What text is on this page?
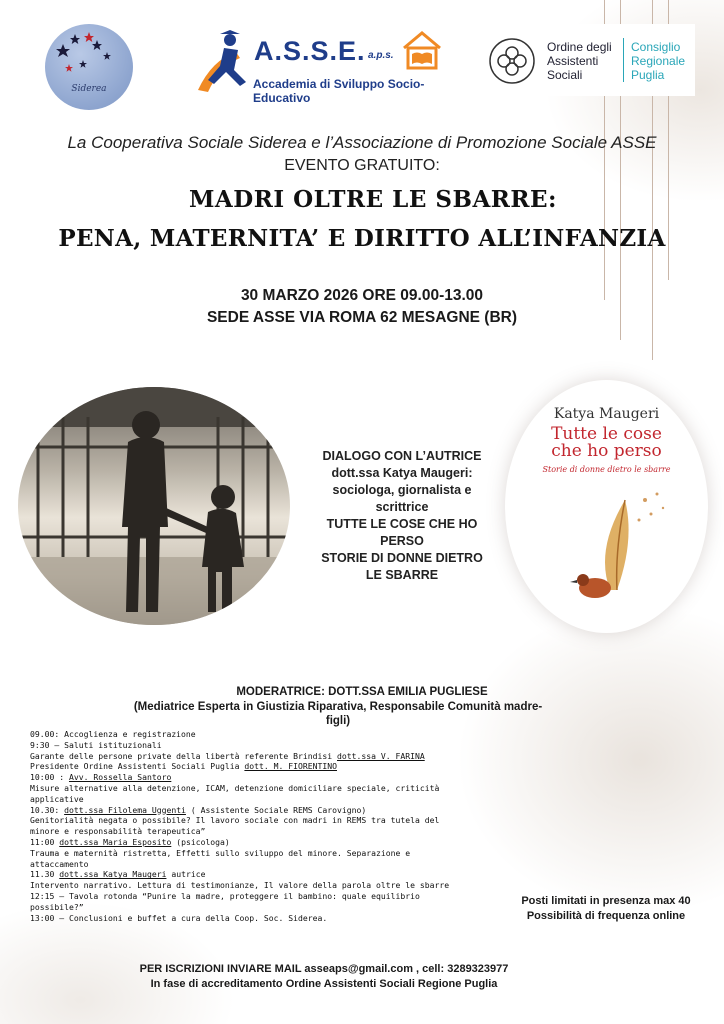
Siderea
A.S.S.E. a.p.s.
Accademia di Sviluppo Socio-Educativo
Ordine degli
Assistenti
Sociali
Consiglio
Regionale
Puglia
La Cooperativa Sociale Siderea e l’Associazione di Promozione Sociale ASSE
EVENTO GRATUITO:
MADRI OLTRE LE SBARRE:
PENA, MATERNITA’ E DIRITTO ALL’INFANZIA
30 MARZO 2026 ORE 09.00-13.00
SEDE ASSE VIA ROMA 62 MESAGNE (BR)
DIALOGO CON L’AUTRICE
dott.ssa Katya Maugeri:
sociologa, giornalista e
scrittrice
TUTTE LE COSE CHE HO
PERSO
STORIE DI DONNE DIETRO
LE SBARRE
Katya Maugeri
Tutte le cose
che ho perso
Storie di donne dietro le sbarre
MODERATRICE: DOTT.SSA EMILIA PUGLIESE
(Mediatrice Esperta in Giustizia Riparativa, Responsabile Comunità madre-
figli)
09.00: Accoglienza e registrazione
9:30 – Saluti istituzionali
Garante delle persone private della libertà referente Brindisi dott.ssa V. FARINA
Presidente Ordine Assistenti Sociali Puglia dott. M. FIORENTINO
10:00 : Avv. Rossella Santoro
Misure alternative alla detenzione, ICAM, detenzione domiciliare speciale, criticità
applicative
10.30: dott.ssa Filolema Uggenti ( Assistente Sociale REMS Carovigno)
Genitorialità negata o possibile? Il lavoro sociale con madri in REMS tra tutela del
minore e responsabilità terapeutica”
11:00 dott.ssa Maria Esposito (psicologa)
Trauma e maternità ristretta, Effetti sullo sviluppo del minore. Separazione e
attaccamento
11.30 dott.ssa Katya Maugeri autrice
Intervento narrativo. Lettura di testimonianze, Il valore della parola oltre le sbarre
12:15 – Tavola rotonda “Punire la madre, proteggere il bambino: quale equilibrio
possibile?”
13:00 – Conclusioni e buffet a cura della Coop. Soc. Siderea.
Posti limitati in presenza max 40
Possibilità di frequenza online
PER ISCRIZIONI INVIARE MAIL asseaps@gmail.com , cell: 3289323977
In fase di accreditamento Ordine Assistenti Sociali Regione Puglia
